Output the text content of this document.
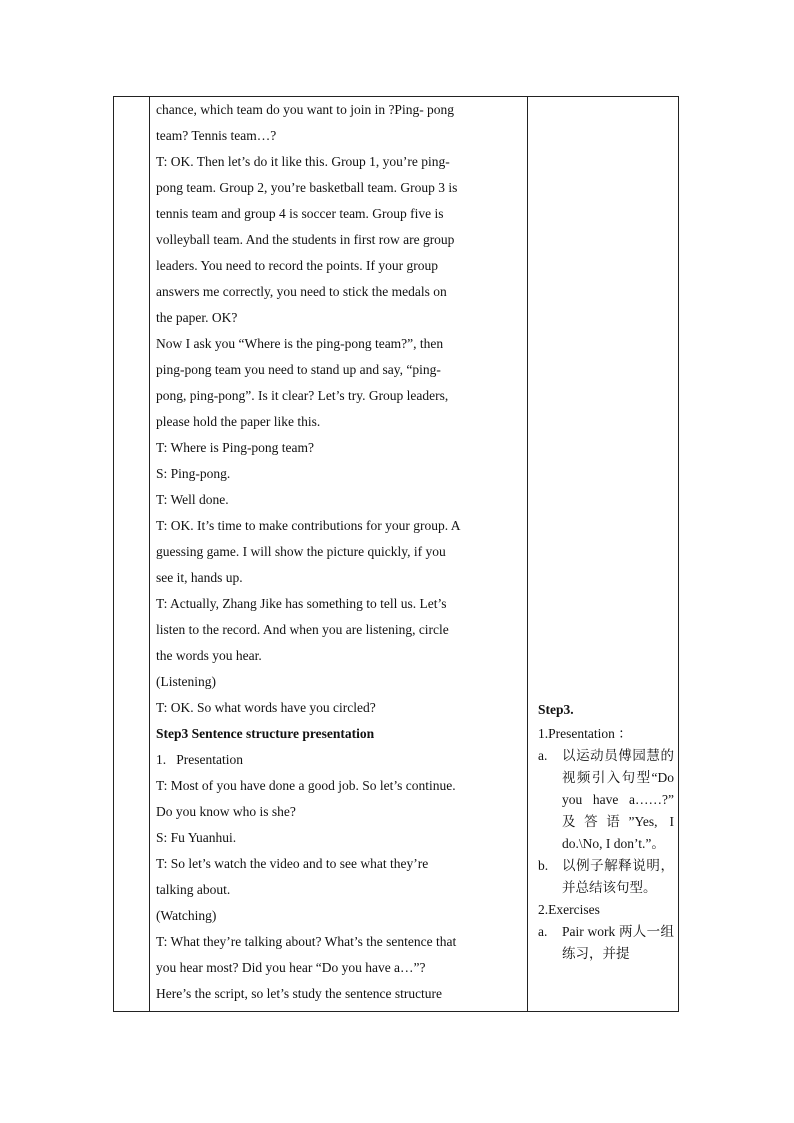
chance, which team do you want to join in ?Ping- pong

team? Tennis team…?

T: OK. Then let’s do it like this. Group 1, you’re ping-

pong team. Group 2, you’re basketball team. Group 3 is

tennis team and group 4 is soccer team. Group five is

volleyball team. And the students in first row are group

leaders. You need to record the points. If your group

answers me correctly, you need to stick the medals on

the paper. OK?

Now I ask you “Where is the ping-pong team?”, then

ping-pong team you need to stand up and say, “ping-

pong, ping-pong”. Is it clear? Let’s try. Group leaders,

please hold the paper like this.

T: Where is Ping-pong team?

S: Ping-pong.

T: Well done.

T: OK. It’s time to make contributions for your group. A

guessing game. I will show the picture quickly, if you

see it, hands up.

T: Actually, Zhang Jike has something to tell us. Let’s

listen to the record. And when you are listening, circle

the words you hear.

(Listening)

T: OK. So what words have you circled?

Step3 Sentence structure presentation

1.   Presentation

T: Most of you have done a good job. So let’s continue.

Do you know who is she?

S: Fu Yuanhui.

T: So let’s watch the video and to see what they’re

talking about.

(Watching)

T: What they’re talking about? What’s the sentence that

you hear most? Did you hear “Do you have a…”?

Here’s the script, so let’s study the sentence structure

Step3.

1.Presentation ：

a.	以运动员傅园慧的视频引入句型“Do you have a……?” 及答语”Yes, I do.\No, I don’t.”。
b.	以例子解释说明，并总结该句型。

2.Exercises

a.	Pair work 两人一组练习，并提
